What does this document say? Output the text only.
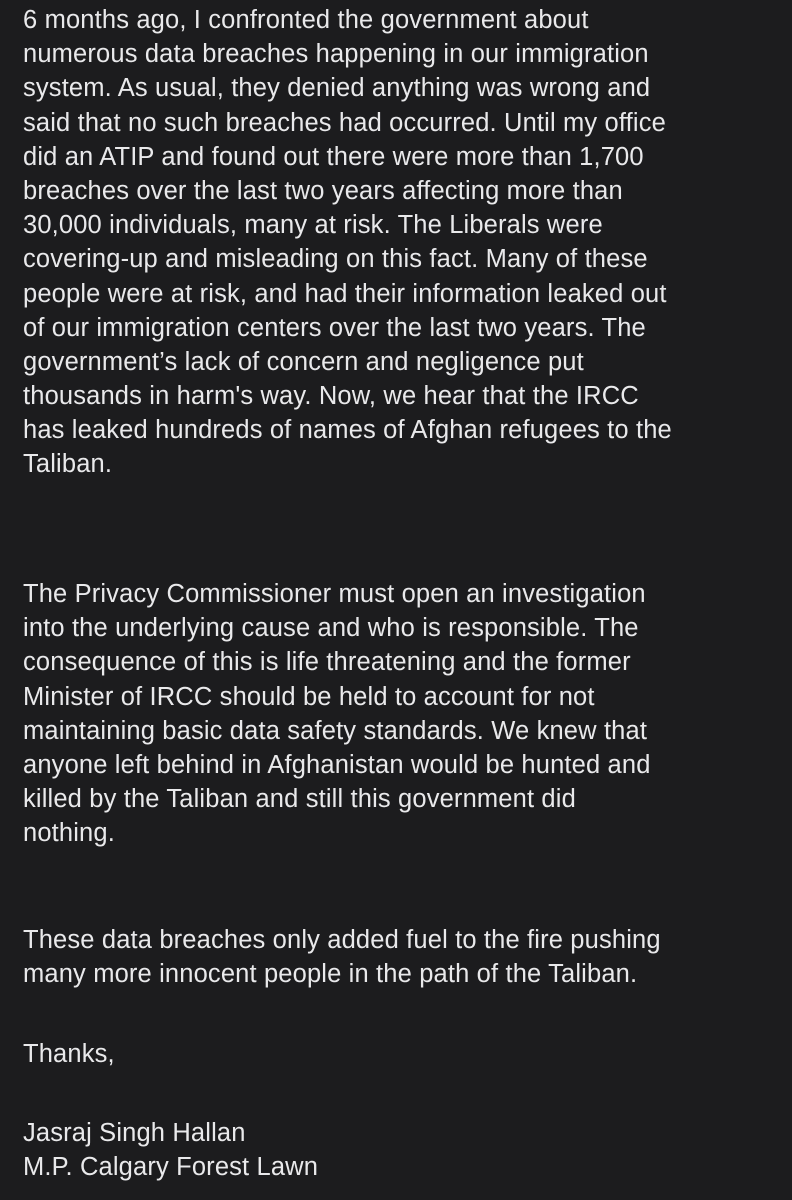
6 months ago, I confronted the government about
numerous data breaches happening in our immigration
system. As usual, they denied anything was wrong and
said that no such breaches had occurred. Until my office
did an ATIP and found out there were more than 1,700
breaches over the last two years affecting more than
30,000 individuals, many at risk. The Liberals were
covering-up and misleading on this fact. Many of these
people were at risk, and had their information leaked out
of our immigration centers over the last two years. The
government’s lack of concern and negligence put
thousands in harm's way. Now, we hear that the IRCC
has leaked hundreds of names of Afghan refugees to the
Taliban.
The Privacy Commissioner must open an investigation
into the underlying cause and who is responsible. The
consequence of this is life threatening and the former
Minister of IRCC should be held to account for not
maintaining basic data safety standards. We knew that
anyone left behind in Afghanistan would be hunted and
killed by the Taliban and still this government did
nothing.
These data breaches only added fuel to the fire pushing
many more innocent people in the path of the Taliban.
Thanks,
Jasraj Singh Hallan
M.P. Calgary Forest Lawn
